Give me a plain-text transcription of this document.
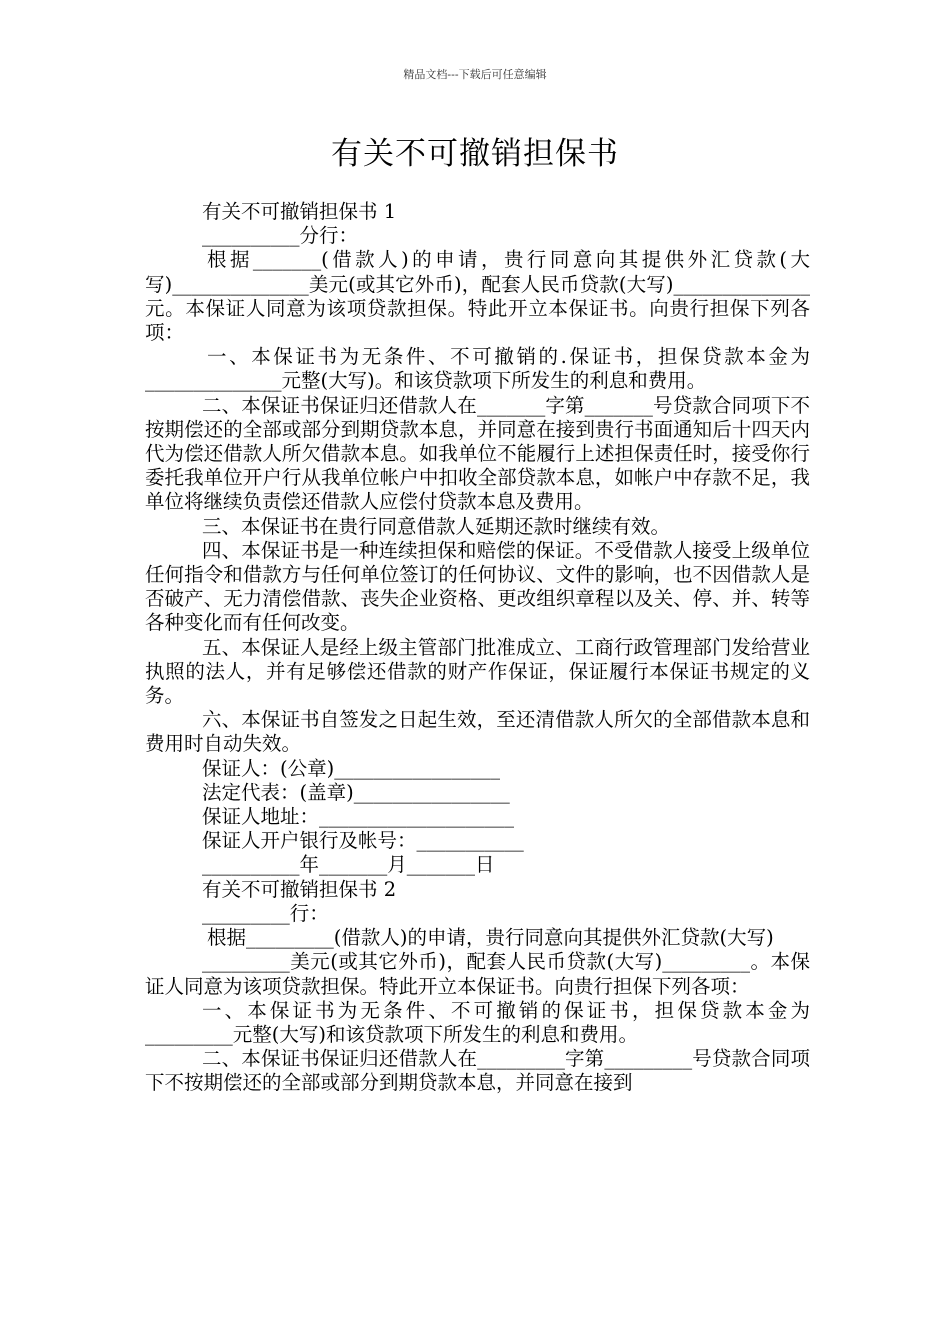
精品文档---下载后可任意编辑
有关不可撤销担保书

有关不可撤销担保书 1

__________分行：

根据_______(借款人)的申请，贵行同意向其提供外汇贷款(大写)______________美元(或其它外币)，配套人民币贷款(大写)______________元。本保证人同意为该项贷款担保。特此开立本保证书。向贵行担保下列各项：

一、本保证书为无条件、不可撤销的.保证书，担保贷款本金为______________元整(大写)。和该贷款项下所发生的利息和费用。

二、本保证书保证归还借款人在_______字第_______号贷款合同项下不按期偿还的全部或部分到期贷款本息，并同意在接到贵行书面通知后十四天内代为偿还借款人所欠借款本息。如我单位不能履行上述担保责任时，接受你行委托我单位开户行从我单位帐户中扣收全部贷款本息，如帐户中存款不足，我单位将继续负责偿还借款人应偿付贷款本息及费用。

三、本保证书在贵行同意借款人延期还款时继续有效。

四、本保证书是一种连续担保和赔偿的保证。不受借款人接受上级单位任何指令和借款方与任何单位签订的任何协议、文件的影响，也不因借款人是否破产、无力清偿借款、丧失企业资格、更改组织章程以及关、停、并、转等各种变化而有任何改变。

五、本保证人是经上级主管部门批准成立、工商行政管理部门发给营业执照的法人，并有足够偿还借款的财产作保证，保证履行本保证书规定的义务。

六、本保证书自签发之日起生效，至还清借款人所欠的全部借款本息和费用时自动失效。

保证人：(公章)_________________

法定代表：(盖章)________________

保证人地址：____________________

保证人开户银行及帐号：___________

__________年_______月_______日

有关不可撤销担保书 2

_________行：

根据_________(借款人)的申请，贵行同意向其提供外汇贷款(大写)

_________美元(或其它外币)，配套人民币贷款(大写)_________。本保证人同意为该项贷款担保。特此开立本保证书。向贵行担保下列各项：

一、本保证书为无条件、不可撤销的保证书，担保贷款本金为_________元整(大写)和该贷款项下所发生的利息和费用。

二、本保证书保证归还借款人在_________字第_________号贷款合同项下不按期偿还的全部或部分到期贷款本息，并同意在接到
